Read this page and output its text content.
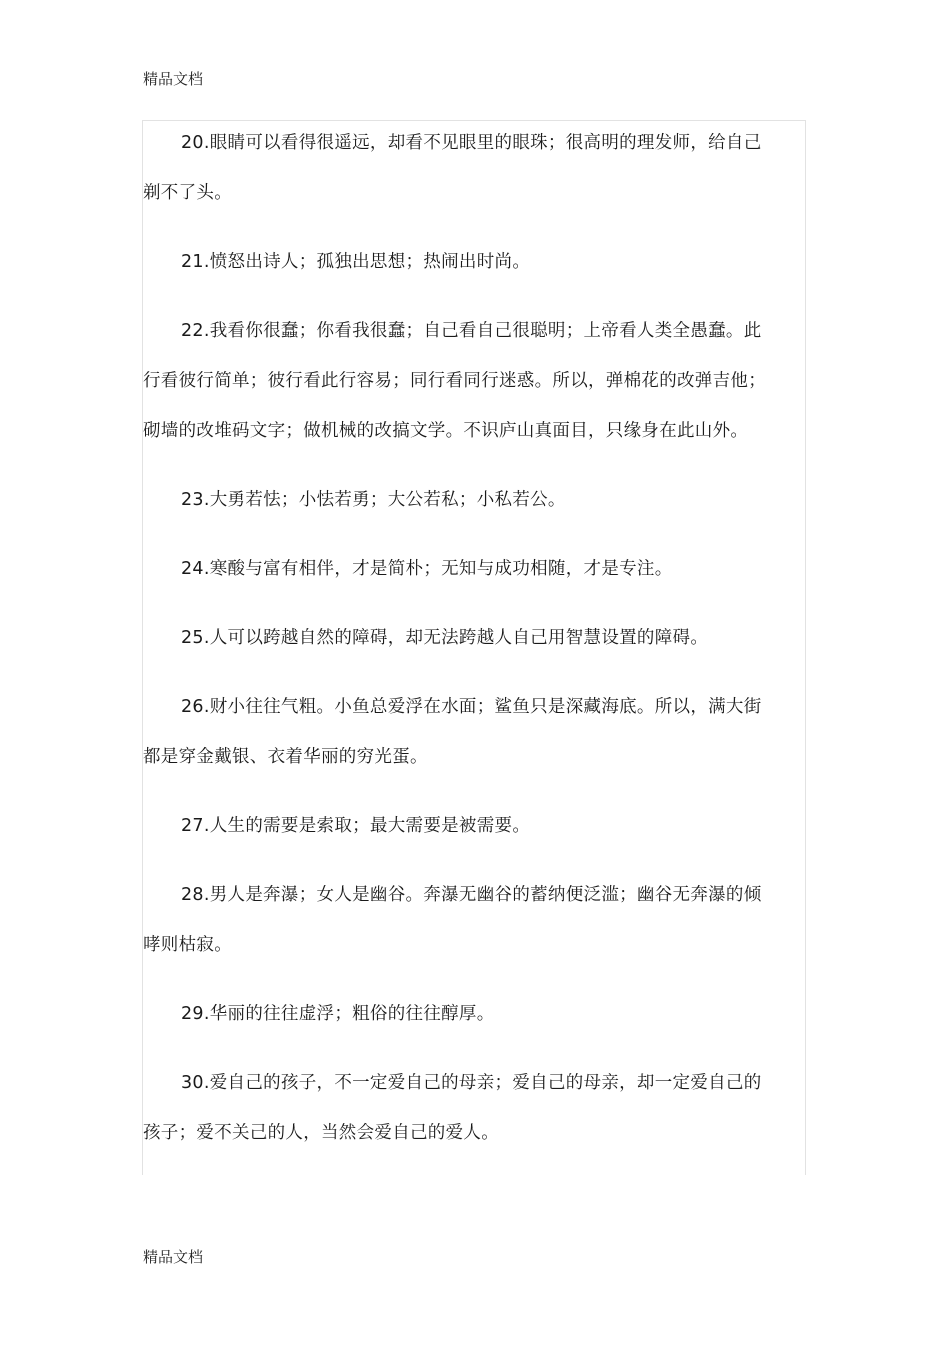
精品文档

20.眼睛可以看得很遥远，却看不见眼里的眼珠；很高明的理发师，给自己剃不了头。

21.愤怒出诗人；孤独出思想；热闹出时尚。

22.我看你很蠢；你看我很蠢；自己看自己很聪明；上帝看人类全愚蠢。此行看彼行简单；彼行看此行容易；同行看同行迷惑。所以，弹棉花的改弹吉他；砌墙的改堆码文字；做机械的改搞文学。不识庐山真面目，只缘身在此山外。

23.大勇若怯；小怯若勇；大公若私；小私若公。

24.寒酸与富有相伴，才是简朴；无知与成功相随，才是专注。

25.人可以跨越自然的障碍，却无法跨越人自己用智慧设置的障碍。

26.财小往往气粗。小鱼总爱浮在水面；鲨鱼只是深藏海底。所以，满大街都是穿金戴银、衣着华丽的穷光蛋。

27.人生的需要是索取；最大需要是被需要。

28.男人是奔瀑；女人是幽谷。奔瀑无幽谷的蓄纳便泛滥；幽谷无奔瀑的倾哮则枯寂。

29.华丽的往往虚浮；粗俗的往往醇厚。

30.爱自己的孩子，不一定爱自己的母亲；爱自己的母亲，却一定爱自己的孩子；爱不关己的人，当然会爱自己的爱人。

精品文档
